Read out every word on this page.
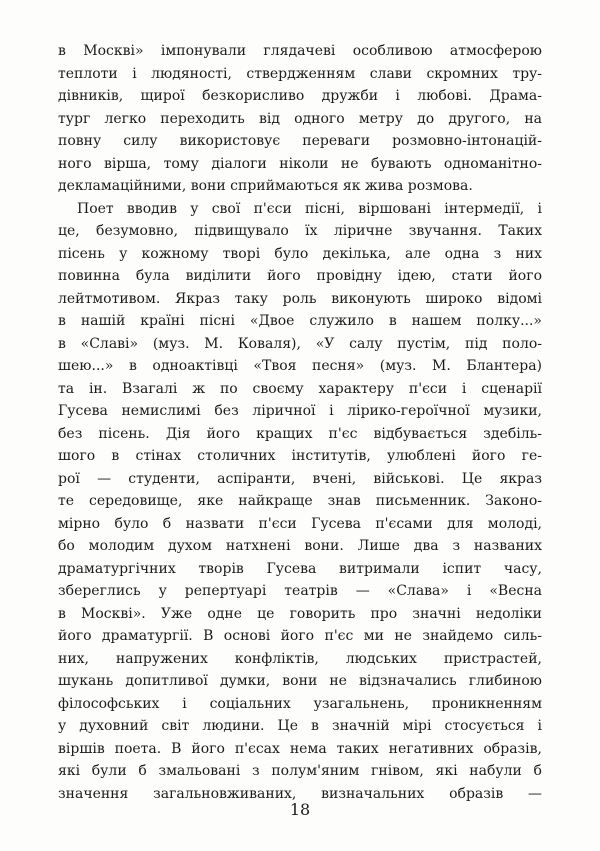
в Москві» імпонували глядачеві особливою атмосферою
теплоти і людяності, ствердженням слави скромних тру-
дівників, щирої безкорисливо дружби і любові. Драма-
тург легко переходить від одного метру до другого, на
повну силу використовує переваги розмовно-інтонацій-
ного вірша, тому діалоги ніколи не бувають одноманітно-
декламаційними, вони сприймаються як жива розмова.
Поет вводив у свої п'єси пісні, віршовані інтермедії, і
це, безумовно, підвищувало їх ліричне звучання. Таких
пісень у кожному творі було декілька, але одна з них
повинна була виділити його провідну ідею, стати його
лейтмотивом. Якраз таку роль виконують широко відомі
в нашій країні пісні «Двое служило в нашем полку...»
в «Славі» (муз. М. Коваля), «У салу пустім, під поло-
шею...» в одноактівці «Твоя песня» (муз. М. Блантера)
та ін. Взагалі ж по своєму характеру п'єси і сценарії
Гусева немислимі без ліричної і лірико-героїчної музики,
без пісень. Дія його кращих п'єс відбувається здебіль-
шого в стінах столичних інститутів, улюблені його ге-
рої — студенти, аспіранти, вчені, військові. Це якраз
те середовище, яке найкраще знав письменник. Законо-
мірно було б назвати п'єси Гусева п'єсами для молоді,
бо молодим духом натхнені вони. Лише два з названих
драматургічних творів Гусева витримали іспит часу,
збереглись у репертуарі театрів — «Слава» і «Весна
в Москві». Уже одне це говорить про значні недоліки
його драматургії. В основі його п'єс ми не знайдемо силь-
них, напружених конфліктів, людських пристрастей,
шукань допитливої думки, вони не відзначались глибиною
філософських і соціальних узагальнень, проникненням
у духовний світ людини. Це в значній мірі стосується і
віршів поета. В його п'єсах нема таких негативних образів,
які були б змальовані з полум'яним гнівом, які набули б
значення загальновживаних, визначальних образів —
18
